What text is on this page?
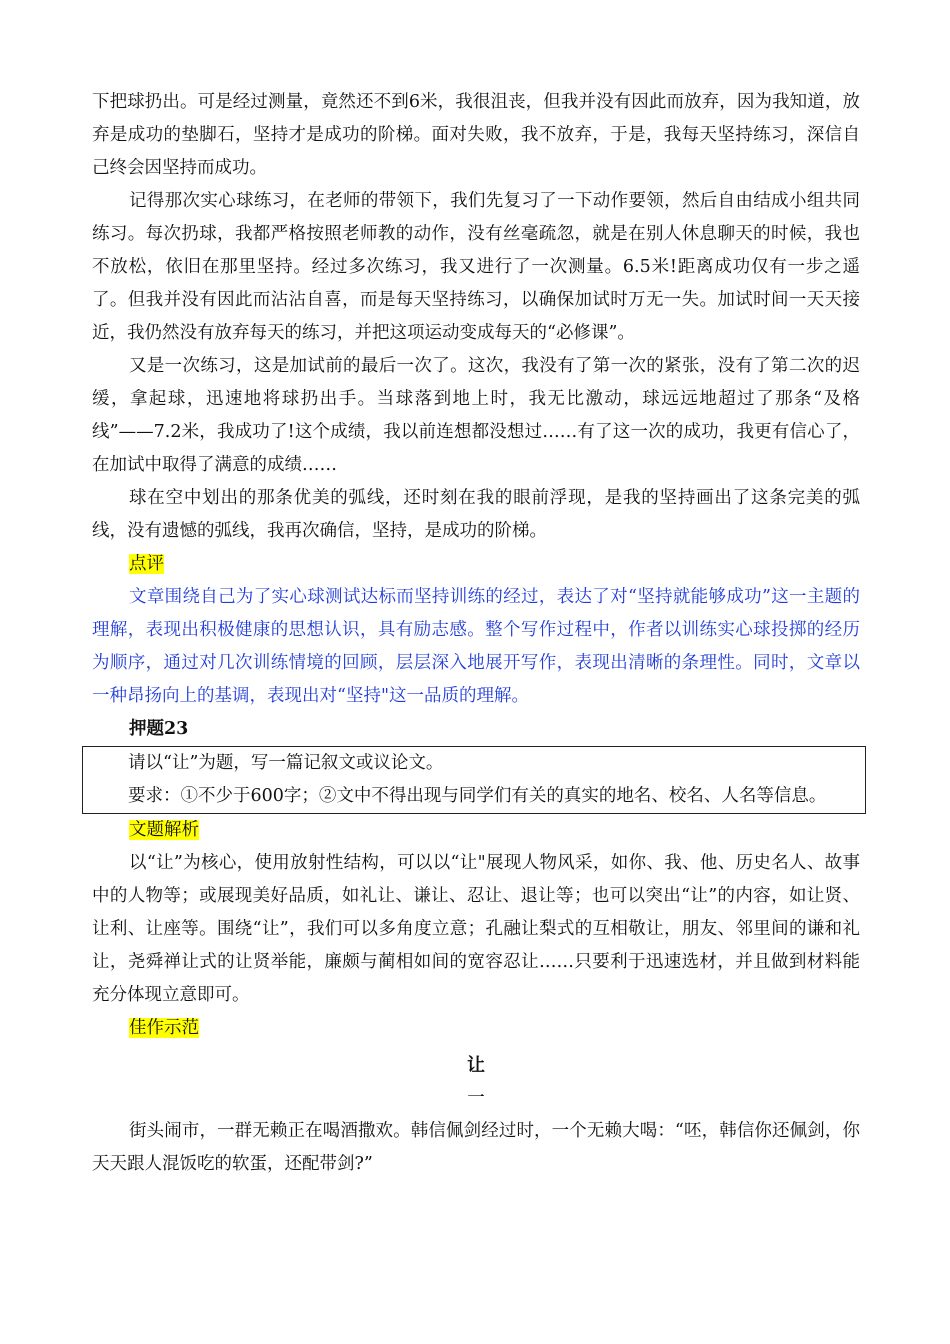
下把球扔出。可是经过测量，竟然还不到6米，我很沮丧，但我并没有因此而放弃，因为我知道，放弃是成功的垫脚石，坚持才是成功的阶梯。面对失败，我不放弃，于是，我每天坚持练习，深信自己终会因坚持而成功。

记得那次实心球练习，在老师的带领下，我们先复习了一下动作要领，然后自由结成小组共同练习。每次扔球，我都严格按照老师教的动作，没有丝毫疏忽，就是在别人休息聊天的时候，我也不放松，依旧在那里坚持。经过多次练习，我又进行了一次测量。6.5米!距离成功仅有一步之遥了。但我并没有因此而沾沾自喜，而是每天坚持练习，以确保加试时万无一失。加试时间一天天接近，我仍然没有放弃每天的练习，并把这项运动变成每天的“必修课”。

又是一次练习，这是加试前的最后一次了。这次，我没有了第一次的紧张，没有了第二次的迟缓，拿起球，迅速地将球扔出手。当球落到地上时，我无比激动，球远远地超过了那条“及格线”——7.2米，我成功了!这个成绩，我以前连想都没想过……有了这一次的成功，我更有信心了，在加试中取得了满意的成绩……

球在空中划出的那条优美的弧线，还时刻在我的眼前浮现，是我的坚持画出了这条完美的弧线，没有遗憾的弧线，我再次确信，坚持，是成功的阶梯。

点评

文章围绕自己为了实心球测试达标而坚持训练的经过，表达了对“坚持就能够成功”这一主题的理解，表现出积极健康的思想认识，具有励志感。整个写作过程中，作者以训练实心球投掷的经历为顺序，通过对几次训练情境的回顾，层层深入地展开写作，表现出清晰的条理性。同时，文章以一种昂扬向上的基调，表现出对“坚持"这一品质的理解。

押题23

请以“让”为题，写一篇记叙文或议论文。

要求：①不少于600字；②文中不得出现与同学们有关的真实的地名、校名、人名等信息。

文题解析

以“让”为核心，使用放射性结构，可以以“让"展现人物风采，如你、我、他、历史名人、故事中的人物等；或展现美好品质，如礼让、谦让、忍让、退让等；也可以突出“让”的内容，如让贤、让利、让座等。围绕“让”，我们可以多角度立意；孔融让梨式的互相敬让，朋友、邻里间的谦和礼让，尧舜禅让式的让贤举能，廉颇与蔺相如间的宽容忍让……只要利于迅速选材，并且做到材料能充分体现立意即可。

佳作示范

让

一

街头闹市，一群无赖正在喝酒撒欢。韩信佩剑经过时，一个无赖大喝：“呸，韩信你还佩剑，你天天跟人混饭吃的软蛋，还配带剑?”
